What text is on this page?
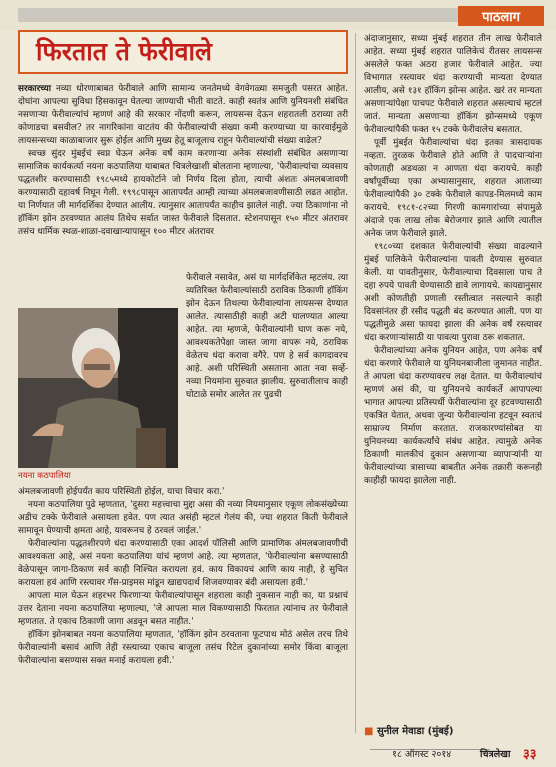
पाठलाग
फिरतात ते फेरीवाले

सरकारच्या नव्या धोरणाबाबत फेरीवाले आणि सामान्य जनतेमध्ये वेगवेगळ्या समजुती पसरत आहेत. दोघांना आपल्या सुविधा हिसकावून घेतल्या जाण्याची भीती वाटते. काही स्वतंत्र आणि युनियनशी संबंधित नसणाऱ्या फेरीवाल्यांचं म्हणणं आहे की सरकार नोंदणी करून, लायसन्स देऊन शहरातली ठराव्या तरी कोणाडचा बसवील? तर नागरिकांना वाटतंय की फेरीवाल्यांची संख्या कमी करण्याच्या या कारवाईमुळे लायसन्सच्या काळाबाजार सुरू होईल आणि मुख्य हेतू बाजूलाच राहून फेरीवाल्यांची संख्या वाढेल?

स्वच्छ सुंदर मुंबईचं स्वप्न घेऊन अनेक वर्षं काम करणाऱ्या अनेक संस्थांशी संबंधित असणाऱ्या सामाजिक कार्यकर्त्या नयना कठपालिया याबाबत चित्रलेखाशी बोलताना म्हणाल्या, 'फेरीवाल्यांचा व्यवसाय पद्धतशीर करण्यासाठी १९८५मध्ये हायकोर्टाने जो निर्णय दिला होता, त्याची अंशतः अंमलबजावणी करण्यासाठी दहावर्ष निघून गेली. १९९८पासून आतापर्यंत आम्ही त्याच्या अंमलबजावणीसाठी लढत आहोत. या निर्णयात जी मार्गदर्शिका देण्यात आलीय. त्यानुसार आतापर्यंत काहीच झालेलं नाही. ज्या ठिकाणांना नो हॉकिंग झोन ठरवण्यात आलंय तिथेच सर्वात जास्त फेरीवाले दिसतात. स्टेशनपासून १५० मीटर अंतरावर तसंच धार्मिक स्थळ-शाळा-दवाखान्यापासून १०० मीटर अंतरावर

नयना कठपालिया

फेरीवाले नसावेत, असं या मार्गदर्शिकेत म्हटलंय. त्या व्यतिरिक्त फेरीवाल्यांसाठी ठराविक ठिकाणी हॉकिंग झोन देऊन तिथल्या फेरीवाल्यांना लायसन्स देण्यात आलेत. त्यासाठीही काही अटी घालण्यात आल्या आहेत. त्या म्हणजे, फेरीवाल्यांनी घाण करू नये, आवश्यकतेपेक्षा जास्त जागा वापरू नये, ठराविक वेळेतच धंदा करावा वगैरे. पण हे सर्व कागदावरच आहे. अशी परिस्थिती असताना आता नवा सर्व्हे-नव्या नियमांना सुरुवात झालीय. सुरुवातीलाच काही घोटाळे समोर आलेत तर पुढची

अंमलबजावणी होईपर्यंत काय परिस्थिती होईल, याचा विचार करा.'

नयना कठपालिया पुढे म्हणतात, 'दुसरा महत्त्वाचा मुद्दा असा की नव्या नियमानुसार एकूण लोकसंख्येच्या अडीच टक्के फेरीवाले असायला हवेत. पण त्यात असंही म्हटलं गेलंय की, ज्या शहरात किती फेरीवाले सामावून घेण्याची क्षमता आहे, यावरूनच हे ठरवलं जाईल.'

फेरीवाल्यांना पद्धतशीरपणे धंदा करण्यासाठी एका आदर्श पॉलिसी आणि प्रामाणिक अंमलबजावणीची आवश्यकता आहे, असं नयना कठपालिया यांचं म्हणणं आहे. त्या म्हणतात, 'फेरीवाल्यांना बसण्यासाठी वेळेपासून जागा-ठिकाण सर्व काही निश्चित करायला हवं. काय विकायचं आणि काय नाही, हे सुचित करायला हवं आणि रस्त्यावर गॅस-प्राइमस मांडून खाद्यपदार्थ शिजवण्यावर बंदी असायला हवी.'

आपला माल घेऊन शहरभर फिरणाऱ्या फेरीवाल्यांपासून शहराला काही नुकसान नाही का, या प्रश्नाचं उत्तर देताना नयना कठपालिया म्हणाल्या, 'जे आपला माल विकण्यासाठी फिरतात त्यांनाच तर फेरीवाले म्हणतात. ते एकाच ठिकाणी जागा अडवून बसत नाहीत.'

हॉकिंग झोनबाबत नयना कठपालिया म्हणतात, 'हॉकिंग झोन ठरवताना फूटपाथ मोठं असेल तरच तिथे फेरीवाल्यांनी बसावं आणि तेही रस्त्याच्या एकाच बाजूला तसंच रिटेल दुकानांच्या समोर किंवा बाजूला फेरीवाल्यांना बसण्यास सक्त मनाई करायला हवी.'

अंदाजानुसार, सध्या मुंबई शहरात तीन लाख फेरीवाले आहेत. सध्या मुंबई शहरात पालिकेचं रीतसर लायसन्स असलेले फक्त अठरा हजार फेरीवाले आहेत. ज्या विभागात रस्त्यावर धंदा करण्याची मान्यता देण्यात आलीय, असे १३१ हॉकिंग झोन्स आहेत. खरं तर मान्यता असणाऱ्यांपेक्षा पाचपट फेरीवाले शहरात असल्याचं म्हटलं जातं. मान्यता असणाऱ्या हॉकिंग झोन्समध्ये एकूण फेरीवाल्यांपैकी फक्त १५ टक्के फेरीवालेच बसतात.

पूर्वी मुंबईत फेरीवाल्यांचा धंदा इतका त्रासदायक नव्हता. तुरळक फेरीवाले होते आणि ते पादचाऱ्यांना कोणताही अडथळा न आणता धंदा करायचे. काही वर्षांपूर्वीच्या एका अभ्यासानुसार, शहरात आताच्या फेरीवाल्यांपैकी ३० टक्के फेरीवाले कापड-मिलमध्ये काम करायचे. १९८१-८२च्या गिरणी कामगारांच्या संपामुळे अंदाजे एक लाख लोक बेरोजगार झाले आणि त्यातील अनेक जण फेरीवाले झाले.

१९८०च्या दशकात फेरीवाल्यांची संख्या वाढल्याने मुंबई पालिकेने फेरीवाल्यांना पावती देण्यास सुरुवात केली. या पावतीनुसार, फेरीवाल्याचा दिवसाला पाच ते दहा रुपये पावती घेण्यासाठी द्यावे लागायचे. कायद्यानुसार अशी कोणतीही प्रणाली रस्तीत्वात नसल्याने काही दिवसांनंतर ही रसीद पद्धती बंद करण्यात आली. पण या पद्धतीमुळे असा फायदा झाला की अनेक वर्षं रस्त्यावर धंदा करणाऱ्यांसाठी या पावत्या पुरावा ठरू शकतात.

फेरीवाल्यांच्या अनेक युनियन आहेत, पण अनेक वर्षं धंदा करणारे फेरीवाले या युनियनबाजीला जुमानत नाहीत. ते आपला धंदा करण्यावरच लक्ष देतात. या फेरीवाल्यांचं म्हणणं असं की, या युनियनचे कार्यकर्ते आपापल्या भागात आपल्या प्रतिस्पर्धी फेरीवाल्यांना दूर हटवण्यासाठी एकत्रित येतात, अथवा जुन्या फेरीवाल्यांना हटवून स्वतःचं साम्राज्य निर्माण करतात. राजकारण्यांसोबत या युनियनच्या कार्यकर्त्यांचे संबंध आहेत. त्यामुळे अनेक ठिकाणी मालकीचं दुकान असणाऱ्या व्यापाऱ्यांनी या फेरीवाल्यांच्या त्रासाच्या बाबतीत अनेक तक्रारी करूनही काहीही फायदा झालेला नाही.

■ सुनील मेवाडा (मुंबई)
१८ ऑगस्ट २०१४	चित्रलेखा ३३
